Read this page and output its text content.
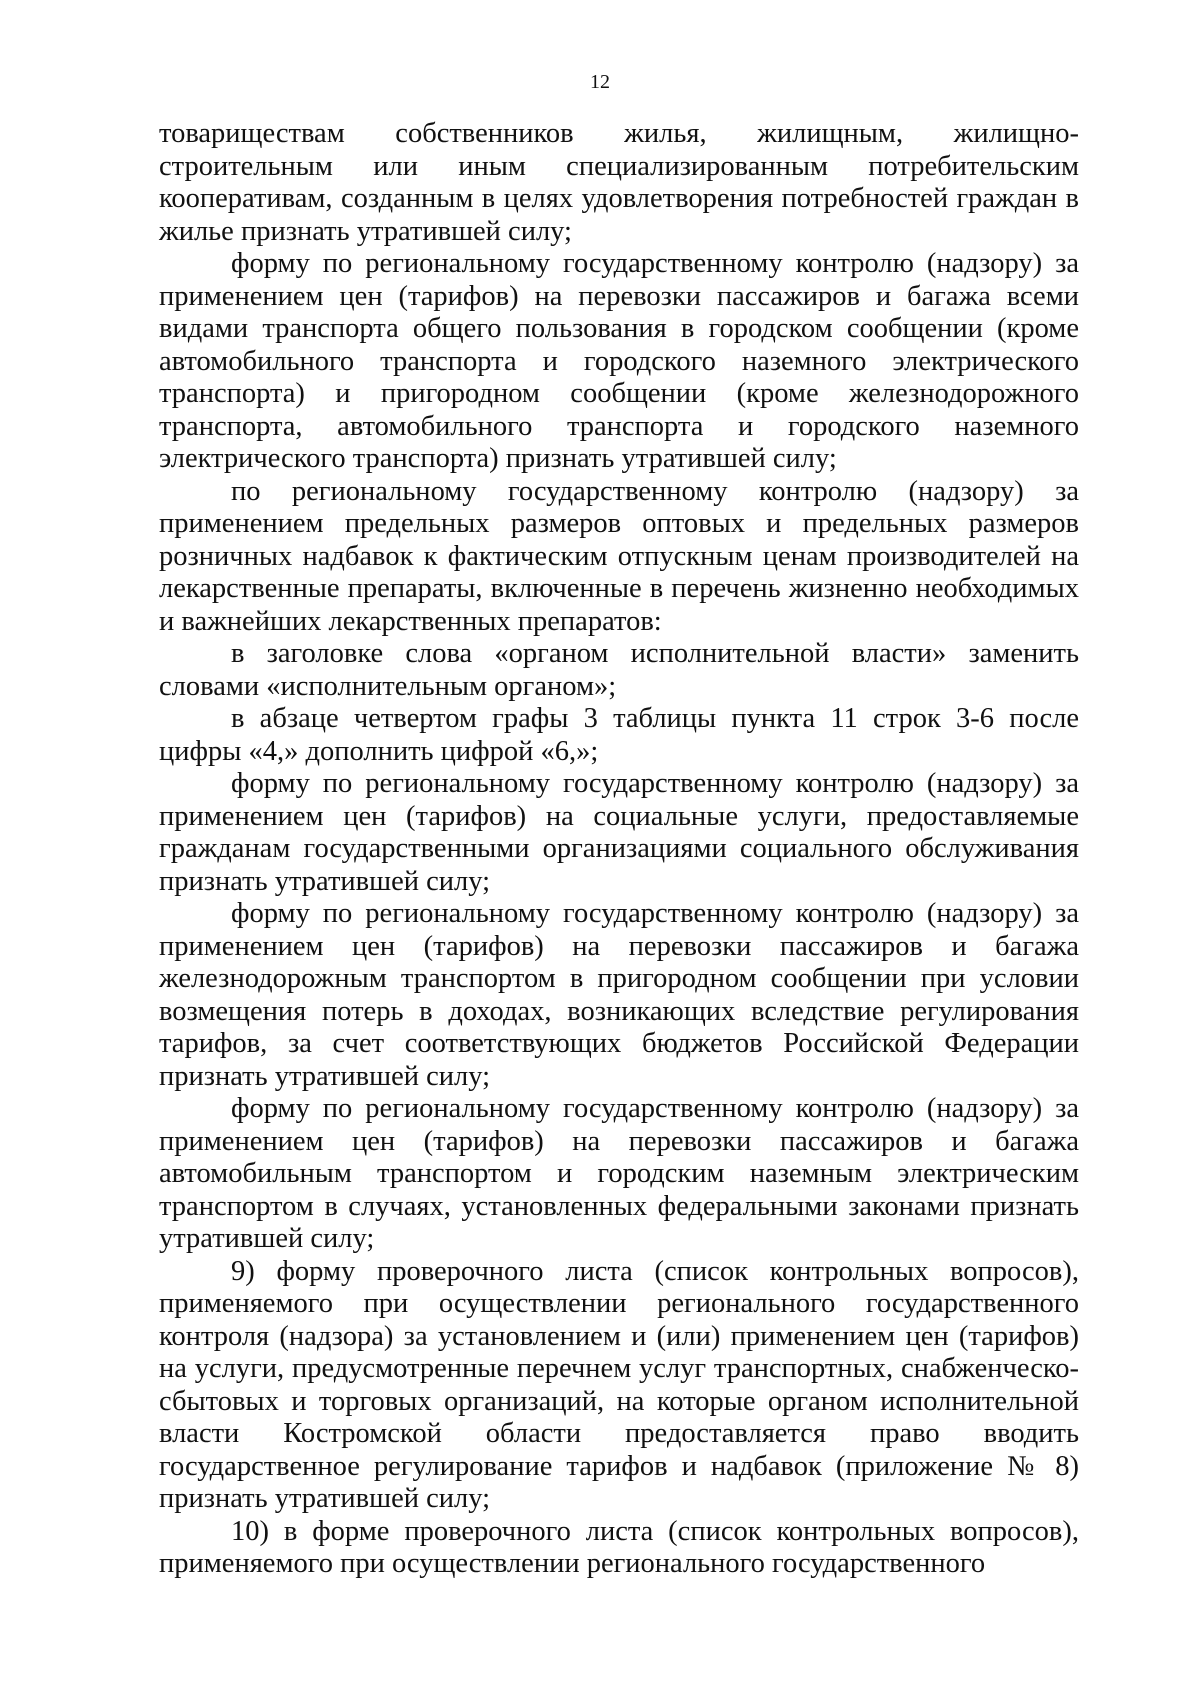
12

товариществам собственников жилья, жилищным, жилищно-строительным или иным специализированным потребительским кооперативам, созданным в целях удовлетворения потребностей граждан в жилье признать утратившей силу;

форму по региональному государственному контролю (надзору) за применением цен (тарифов) на перевозки пассажиров и багажа всеми видами транспорта общего пользования в городском сообщении (кроме автомобильного транспорта и городского наземного электрического транспорта) и пригородном сообщении (кроме железнодорожного транспорта, автомобильного транспорта и городского наземного электрического транспорта) признать утратившей силу;

по региональному государственному контролю (надзору) за применением предельных размеров оптовых и предельных размеров розничных надбавок к фактическим отпускным ценам производителей на лекарственные препараты, включенные в перечень жизненно необходимых и важнейших лекарственных препаратов:

в заголовке слова «органом исполнительной власти» заменить словами «исполнительным органом»;

в абзаце четвертом графы 3 таблицы пункта 11 строк 3-6 после цифры «4,» дополнить цифрой «6,»;

форму по региональному государственному контролю (надзору) за применением цен (тарифов) на социальные услуги, предоставляемые гражданам государственными организациями социального обслуживания признать утратившей силу;

форму по региональному государственному контролю (надзору) за применением цен (тарифов) на перевозки пассажиров и багажа железнодорожным транспортом в пригородном сообщении при условии возмещения потерь в доходах, возникающих вследствие регулирования тарифов, за счет соответствующих бюджетов Российской Федерации признать утратившей силу;

форму по региональному государственному контролю (надзору) за применением цен (тарифов) на перевозки пассажиров и багажа автомобильным транспортом и городским наземным электрическим транспортом в случаях, установленных федеральными законами признать утратившей силу;

9) форму проверочного листа (список контрольных вопросов), применяемого при осуществлении регионального государственного контроля (надзора) за установлением и (или) применением цен (тарифов) на услуги, предусмотренные перечнем услуг транспортных, снабженческо-сбытовых и торговых организаций, на которые органом исполнительной власти Костромской области предоставляется право вводить государственное регулирование тарифов и надбавок (приложение № 8) признать утратившей силу;

10) в форме проверочного листа (список контрольных вопросов), применяемого при осуществлении регионального государственного
